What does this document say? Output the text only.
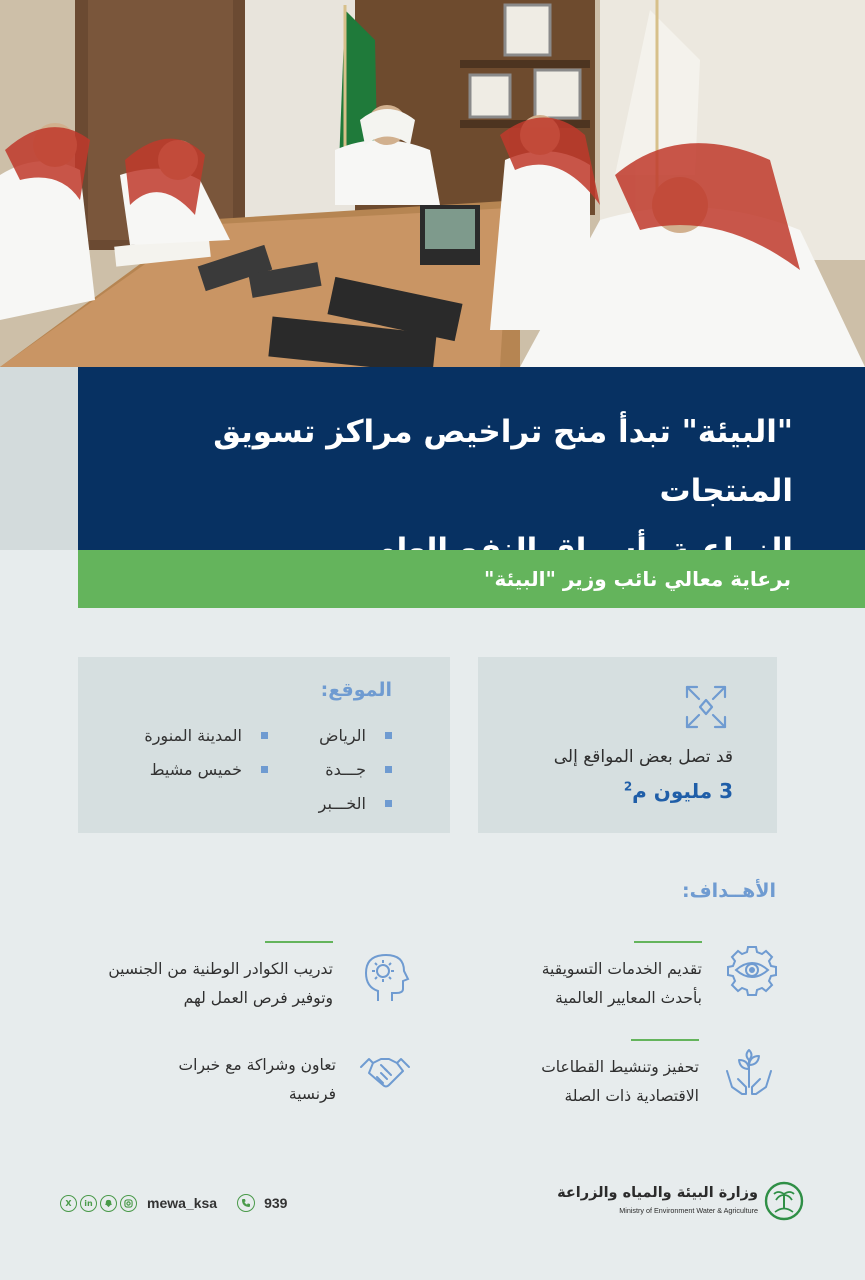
"البيئة" تبدأ منح تراخيص مراكز تسويق المنتجات
برعاية معالي نائب وزير "البيئة"
قد تصل بعض المواقع إلى
3 مليون م$^2$
الموقع:
الرياض
جـــدة
الخـــبر
المدينة المنورة
خميس مشيط
الأهــداف:
تقديم الخدمات التسويقية
بأحدث المعايير العالمية
تدريب الكوادر الوطنية من الجنسين
وتوفير فرص العمل لهم
تحفيز وتنشيط القطاعات
الاقتصادية ذات الصلة
تعاون وشراكة مع خبرات
فرنسية
X	in	mewa_ksa	939
وزارة البيئة والمياه والزراعة
Ministry of Environment Water & Agriculture
